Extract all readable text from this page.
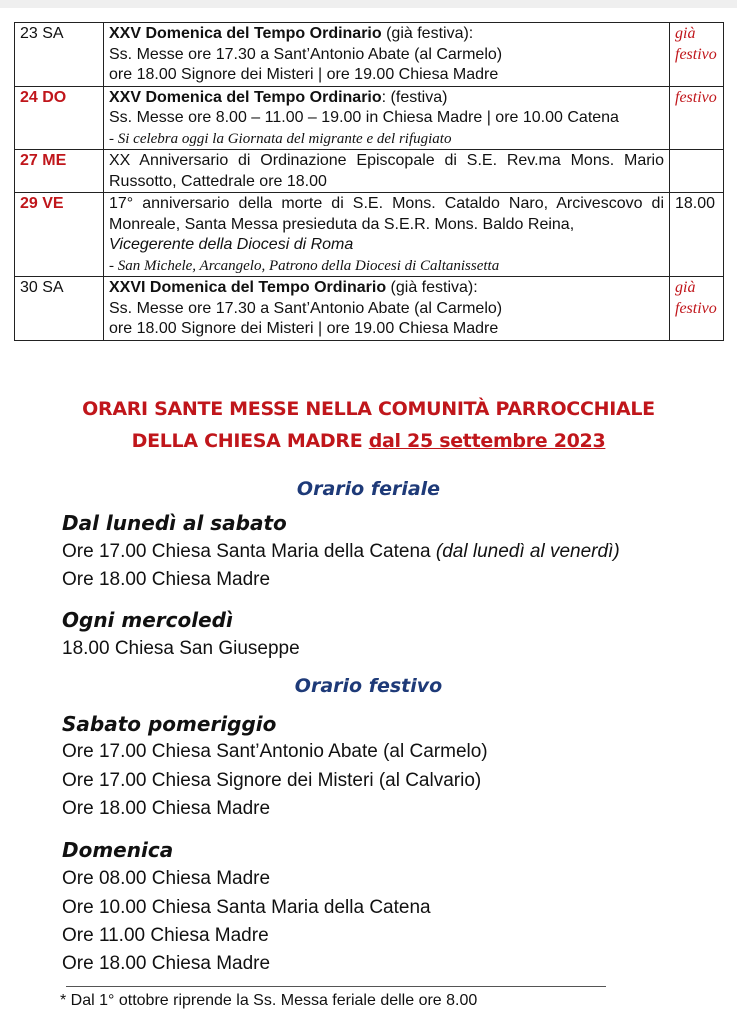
23 SA	XXV Domenica del Tempo Ordinario (già festiva):
Ss. Messe ore 17.30 a Sant’Antonio Abate (al Carmelo)
ore 18.00 Signore dei Misteri | ore 19.00 Chiesa Madre	già festivo
24 DO	XXV Domenica del Tempo Ordinario: (festiva)
Ss. Messe ore 8.00 – 11.00 – 19.00 in Chiesa Madre | ore 10.00 Catena
- Si celebra oggi la Giornata del migrante e del rifugiato	festivo
27 ME	XX Anniversario di Ordinazione Episcopale di S.E. Rev.ma Mons. Mario Russotto, Cattedrale ore 18.00	

29 VE	17° anniversario della morte di S.E. Mons. Cataldo Naro, Arcivescovo di Monreale, Santa Messa presieduta da S.E.R. Mons. Baldo Reina,
Vicegerente della Diocesi di Roma
- San Michele, Arcangelo, Patrono della Diocesi di Caltanissetta	18.00
30 SA	XXVI Domenica del Tempo Ordinario (già festiva):
Ss. Messe ore 17.30 a Sant’Antonio Abate (al Carmelo)
ore 18.00 Signore dei Misteri | ore 19.00 Chiesa Madre	già festivo
ORARI SANTE MESSE NELLA COMUNITÀ PARROCCHIALE
DELLA CHIESA MADRE dal 25 settembre 2023
Orario feriale
Dal lunedì al sabato
Ore 17.00 Chiesa Santa Maria della Catena (dal lunedì al venerdì)
Ore 18.00 Chiesa Madre
Ogni mercoledì
18.00 Chiesa San Giuseppe
Orario festivo
Sabato pomeriggio
Ore 17.00 Chiesa Sant’Antonio Abate (al Carmelo)
Ore 17.00 Chiesa Signore dei Misteri (al Calvario)
Ore 18.00 Chiesa Madre
Domenica
Ore 08.00 Chiesa Madre
Ore 10.00 Chiesa Santa Maria della Catena
Ore 11.00 Chiesa Madre
Ore 18.00 Chiesa Madre
* Dal 1° ottobre riprende la Ss. Messa feriale delle ore 8.00
